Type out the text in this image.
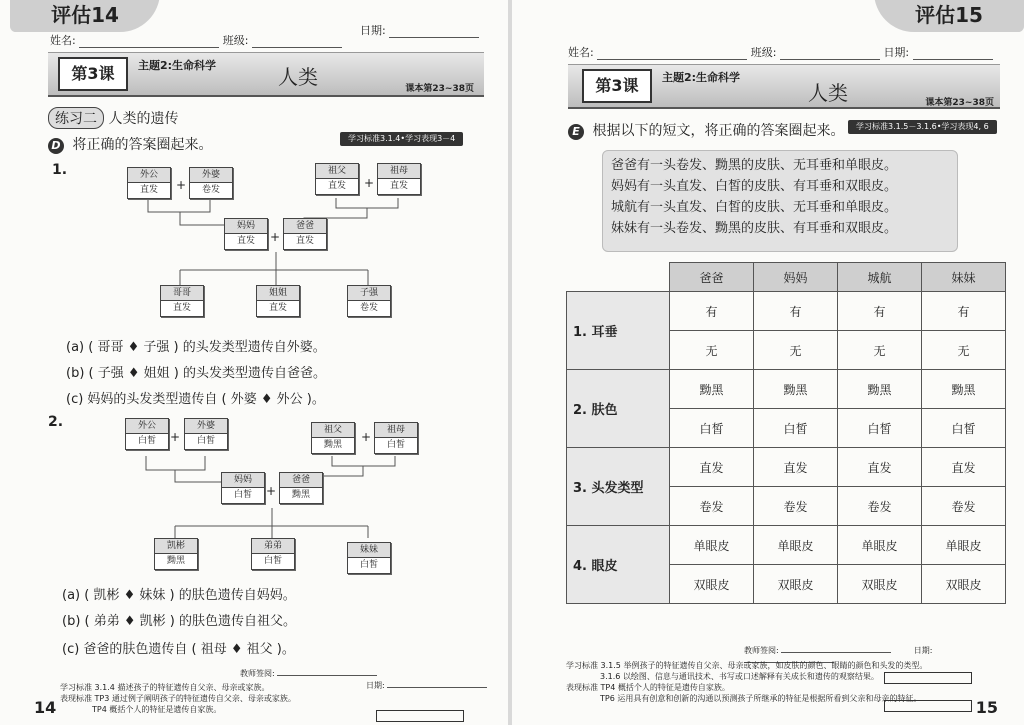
评估14
姓名:	班级:
日期:
第3课	主题2:生命科学	人类	课本第23~38页
练习二 人类的遗传
D 将正确的答案圈起来。	学习标准3.1.4•学习表现3－4
1.	外公
直发
外婆
卷发
祖父
直发
祖母
直发
妈妈
直发
爸爸
直发
哥哥
直发
姐姐
直发
子强
卷发
+	+
+
(a) ( 哥哥 ♦ 子强 ) 的头发类型遗传自外婆。
(b) ( 子强 ♦ 姐姐 ) 的头发类型遗传自爸爸。
(c) 妈妈的头发类型遗传自 ( 外婆 ♦ 外公 )。
2.	外公
白皙
外婆
白皙
祖父
黝黑
祖母
白皙
妈妈
白皙
爸爸
黝黑
凯彬
黝黑
弟弟
白皙
妹妹
白皙
+	+
+
(a) ( 凯彬 ♦ 妹妹 ) 的肤色遗传自妈妈。
(b) ( 弟弟 ♦ 凯彬 ) 的肤色遗传自祖父。
(c) 爸爸的肤色遗传自 ( 祖母 ♦ 祖父 )。
教师签阅:
日期:
学习标准 3.1.4 描述孩子的特征遗传自父亲、母亲或家族。
表现标准 TP3 通过例子阐明孩子的特征遗传自父亲、母亲或家族。
TP4 概括个人的特征是遗传自家族。
14
评估15
姓名:	班级:	日期:
第3课	主题2:生命科学
人类	课本第23~38页
E 根据以下的短文，将正确的答案圈起来。	学习标准3.1.5－3.1.6•学习表现4, 6
爸爸有一头卷发、黝黑的皮肤、无耳垂和单眼皮。
妈妈有一头直发、白皙的皮肤、有耳垂和双眼皮。
城航有一头直发、白皙的皮肤、无耳垂和单眼皮。
妹妹有一头卷发、黝黑的皮肤、有耳垂和双眼皮。
	爸爸	妈妈	城航	妹妹
1. 耳垂	有	有	有	有
	无	无	无	无
2. 肤色	黝黑	黝黑	黝黑	黝黑
	白皙	白皙	白皙	白皙
3. 头发类型	直发	直发	直发	直发
	卷发	卷发	卷发	卷发
4. 眼皮	单眼皮	单眼皮	单眼皮	单眼皮
	双眼皮	双眼皮	双眼皮	双眼皮
教师签阅:	日期:
学习标准 3.1.5 举例孩子的特征遗传自父亲、母亲或家族，如皮肤的颜色、眼睛的颜色和头发的类型。
3.1.6 以绘图、信息与通讯技术、书写或口述解释有关成长和遗传的观察结果。
表现标准 TP4 概括个人的特征是遗传自家族。
TP6 运用具有创意和创新的沟通以预测孩子所继承的特征是根据所看到父亲和母亲的特征。	15
